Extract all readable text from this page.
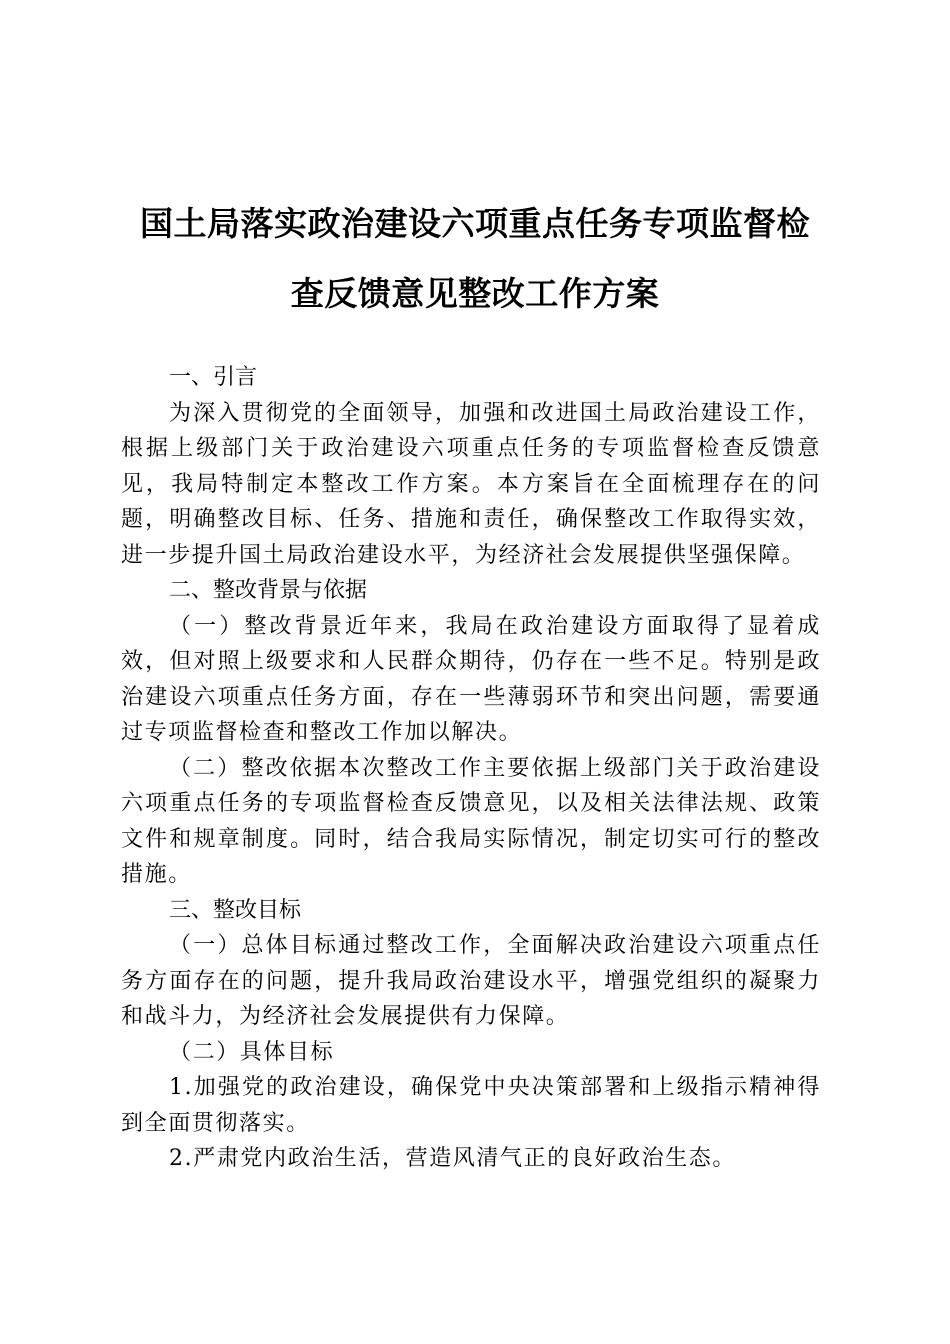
国土局落实政治建设六项重点任务专项监督检
查反馈意见整改工作方案

一、引言

为深入贯彻党的全面领导，加强和改进国土局政治建设工作，根据上级部门关于政治建设六项重点任务的专项监督检查反馈意见，我局特制定本整改工作方案。本方案旨在全面梳理存在的问题，明确整改目标、任务、措施和责任，确保整改工作取得实效，进一步提升国土局政治建设水平，为经济社会发展提供坚强保障。

二、整改背景与依据

（一）整改背景近年来，我局在政治建设方面取得了显着成效，但对照上级要求和人民群众期待，仍存在一些不足。特别是政治建设六项重点任务方面，存在一些薄弱环节和突出问题，需要通过专项监督检查和整改工作加以解决。

（二）整改依据本次整改工作主要依据上级部门关于政治建设六项重点任务的专项监督检查反馈意见，以及相关法律法规、政策文件和规章制度。同时，结合我局实际情况，制定切实可行的整改措施。

三、整改目标

（一）总体目标通过整改工作，全面解决政治建设六项重点任务方面存在的问题，提升我局政治建设水平，增强党组织的凝聚力和战斗力，为经济社会发展提供有力保障。

（二）具体目标

1.加强党的政治建设，确保党中央决策部署和上级指示精神得到全面贯彻落实。

2.严肃党内政治生活，营造风清气正的良好政治生态。
